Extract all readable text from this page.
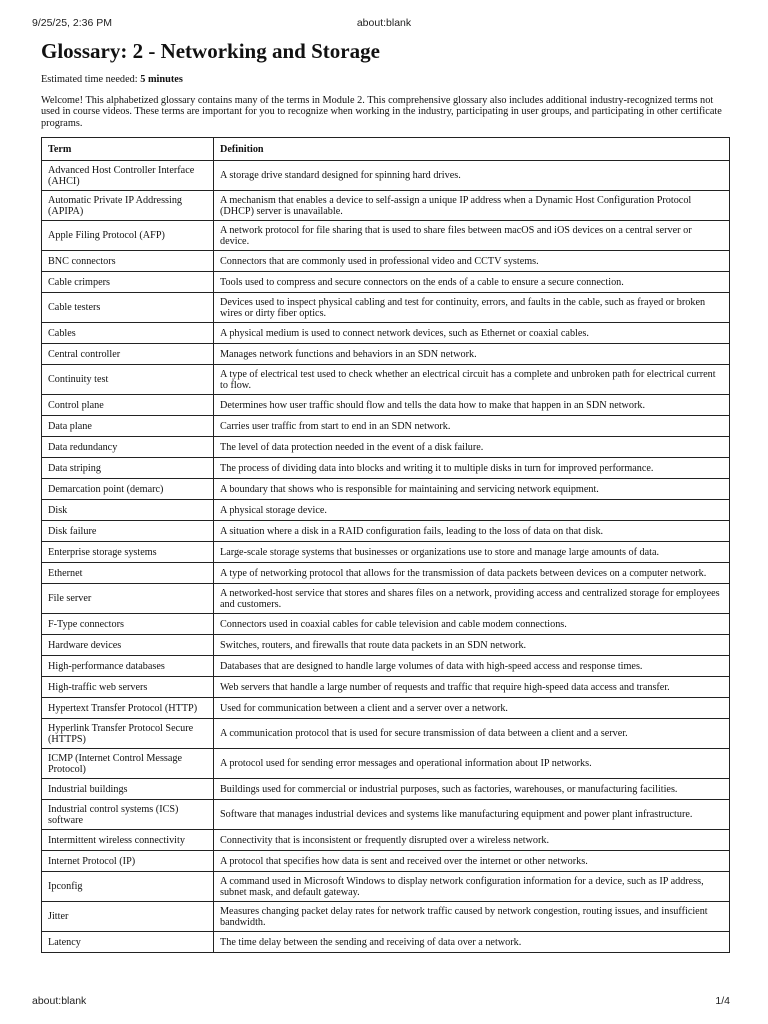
9/25/25, 2:36 PM	about:blank
Glossary: 2 - Networking and Storage
Estimated time needed: 5 minutes
Welcome! This alphabetized glossary contains many of the terms in Module 2. This comprehensive glossary also includes additional industry-recognized terms not used in course videos. These terms are important for you to recognize when working in the industry, participating in user groups, and participating in other certificate programs.
Term	Definition
Advanced Host Controller Interface (AHCI)	A storage drive standard designed for spinning hard drives.
Automatic Private IP Addressing (APIPA)	A mechanism that enables a device to self-assign a unique IP address when a Dynamic Host Configuration Protocol (DHCP) server is unavailable.
Apple Filing Protocol (AFP)	A network protocol for file sharing that is used to share files between macOS and iOS devices on a central server or device.
BNC connectors	Connectors that are commonly used in professional video and CCTV systems.
Cable crimpers	Tools used to compress and secure connectors on the ends of a cable to ensure a secure connection.
Cable testers	Devices used to inspect physical cabling and test for continuity, errors, and faults in the cable, such as frayed or broken wires or dirty fiber optics.
Cables	A physical medium is used to connect network devices, such as Ethernet or coaxial cables.
Central controller	Manages network functions and behaviors in an SDN network.
Continuity test	A type of electrical test used to check whether an electrical circuit has a complete and unbroken path for electrical current to flow.
Control plane	Determines how user traffic should flow and tells the data how to make that happen in an SDN network.
Data plane	Carries user traffic from start to end in an SDN network.
Data redundancy	The level of data protection needed in the event of a disk failure.
Data striping	The process of dividing data into blocks and writing it to multiple disks in turn for improved performance.
Demarcation point (demarc)	A boundary that shows who is responsible for maintaining and servicing network equipment.
Disk	A physical storage device.
Disk failure	A situation where a disk in a RAID configuration fails, leading to the loss of data on that disk.
Enterprise storage systems	Large-scale storage systems that businesses or organizations use to store and manage large amounts of data.
Ethernet	A type of networking protocol that allows for the transmission of data packets between devices on a computer network.
File server	A networked-host service that stores and shares files on a network, providing access and centralized storage for employees and customers.
F-Type connectors	Connectors used in coaxial cables for cable television and cable modem connections.
Hardware devices	Switches, routers, and firewalls that route data packets in an SDN network.
High-performance databases	Databases that are designed to handle large volumes of data with high-speed access and response times.
High-traffic web servers	Web servers that handle a large number of requests and traffic that require high-speed data access and transfer.
Hypertext Transfer Protocol (HTTP)	Used for communication between a client and a server over a network.
Hyperlink Transfer Protocol Secure (HTTPS)	A communication protocol that is used for secure transmission of data between a client and a server.
ICMP (Internet Control Message Protocol)	A protocol used for sending error messages and operational information about IP networks.
Industrial buildings	Buildings used for commercial or industrial purposes, such as factories, warehouses, or manufacturing facilities.
Industrial control systems (ICS) software	Software that manages industrial devices and systems like manufacturing equipment and power plant infrastructure.
Intermittent wireless connectivity	Connectivity that is inconsistent or frequently disrupted over a wireless network.
Internet Protocol (IP)	A protocol that specifies how data is sent and received over the internet or other networks.
Ipconfig	A command used in Microsoft Windows to display network configuration information for a device, such as IP address, subnet mask, and default gateway.
Jitter	Measures changing packet delay rates for network traffic caused by network congestion, routing issues, and insufficient bandwidth.
Latency	The time delay between the sending and receiving of data over a network.
about:blank	1/4
